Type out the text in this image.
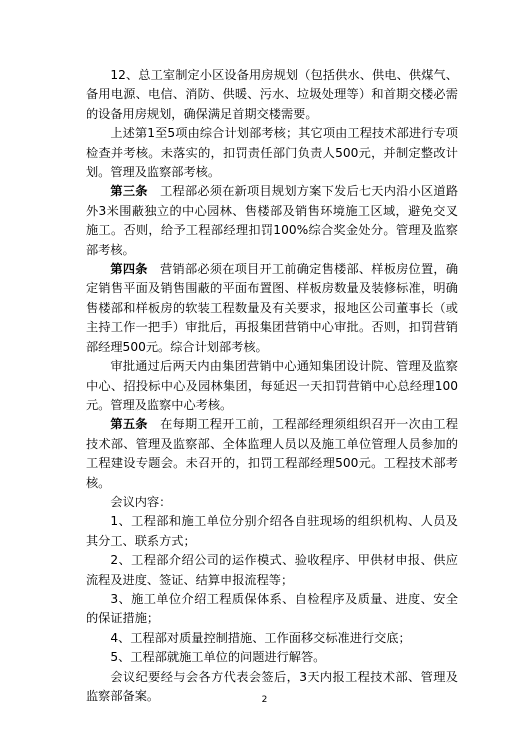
12、总工室制定小区设备用房规划（包括供水、供电、供煤气、备用电源、电信、消防、供暖、污水、垃圾处理等）和首期交楼必需的设备用房规划，确保满足首期交楼需要。

上述第1至5项由综合计划部考核；其它项由工程技术部进行专项检查并考核。未落实的，扣罚责任部门负责人500元，并制定整改计划。管理及监察部考核。

第三条　工程部必须在新项目规划方案下发后七天内沿小区道路外3米围蔽独立的中心园林、售楼部及销售环境施工区域，避免交叉施工。否则，给予工程部经理扣罚100%综合奖金处分。管理及监察部考核。

第四条　营销部必须在项目开工前确定售楼部、样板房位置，确定销售平面及销售围蔽的平面布置图、样板房数量及装修标准，明确售楼部和样板房的软装工程数量及有关要求，报地区公司董事长（或主持工作一把手）审批后，再报集团营销中心审批。否则，扣罚营销部经理500元。综合计划部考核。

审批通过后两天内由集团营销中心通知集团设计院、管理及监察中心、招投标中心及园林集团，每延迟一天扣罚营销中心总经理100元。管理及监察中心考核。

第五条　在每期工程开工前，工程部经理须组织召开一次由工程技术部、管理及监察部、全体监理人员以及施工单位管理人员参加的工程建设专题会。未召开的，扣罚工程部经理500元。工程技术部考核。

会议内容：

1、工程部和施工单位分别介绍各自驻现场的组织机构、人员及其分工、联系方式；

2、工程部介绍公司的运作模式、验收程序、甲供材申报、供应流程及进度、签证、结算申报流程等；

3、施工单位介绍工程质保体系、自检程序及质量、进度、安全的保证措施；

4、工程部对质量控制措施、工作面移交标准进行交底；

5、工程部就施工单位的问题进行解答。

会议纪要经与会各方代表会签后，3天内报工程技术部、管理及监察部备案。	2
